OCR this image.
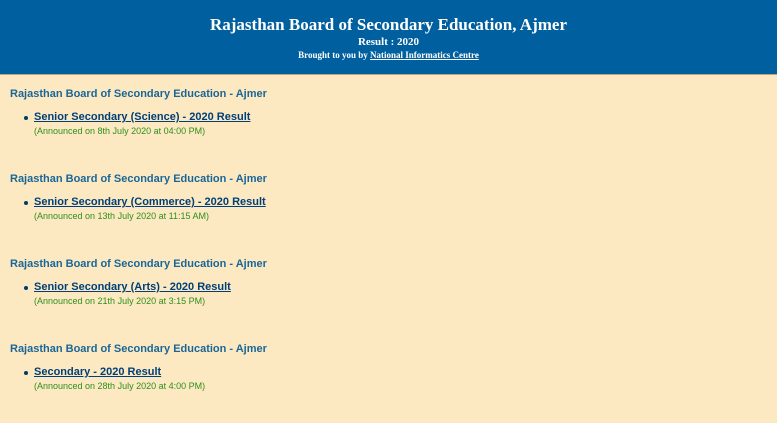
Rajasthan Board of Secondary Education, Ajmer
Result : 2020
Brought to you by National Informatics Centre
Rajasthan Board of Secondary Education - Ajmer
Senior Secondary (Science) - 2020 Result
(Announced on 8th July 2020 at 04:00 PM)
Rajasthan Board of Secondary Education - Ajmer
Senior Secondary (Commerce) - 2020 Result
(Announced on 13th July 2020 at 11:15 AM)
Rajasthan Board of Secondary Education - Ajmer
Senior Secondary (Arts) - 2020 Result
(Announced on 21th July 2020 at 3:15 PM)
Rajasthan Board of Secondary Education - Ajmer
Secondary - 2020 Result
(Announced on 28th July 2020 at 4:00 PM)
